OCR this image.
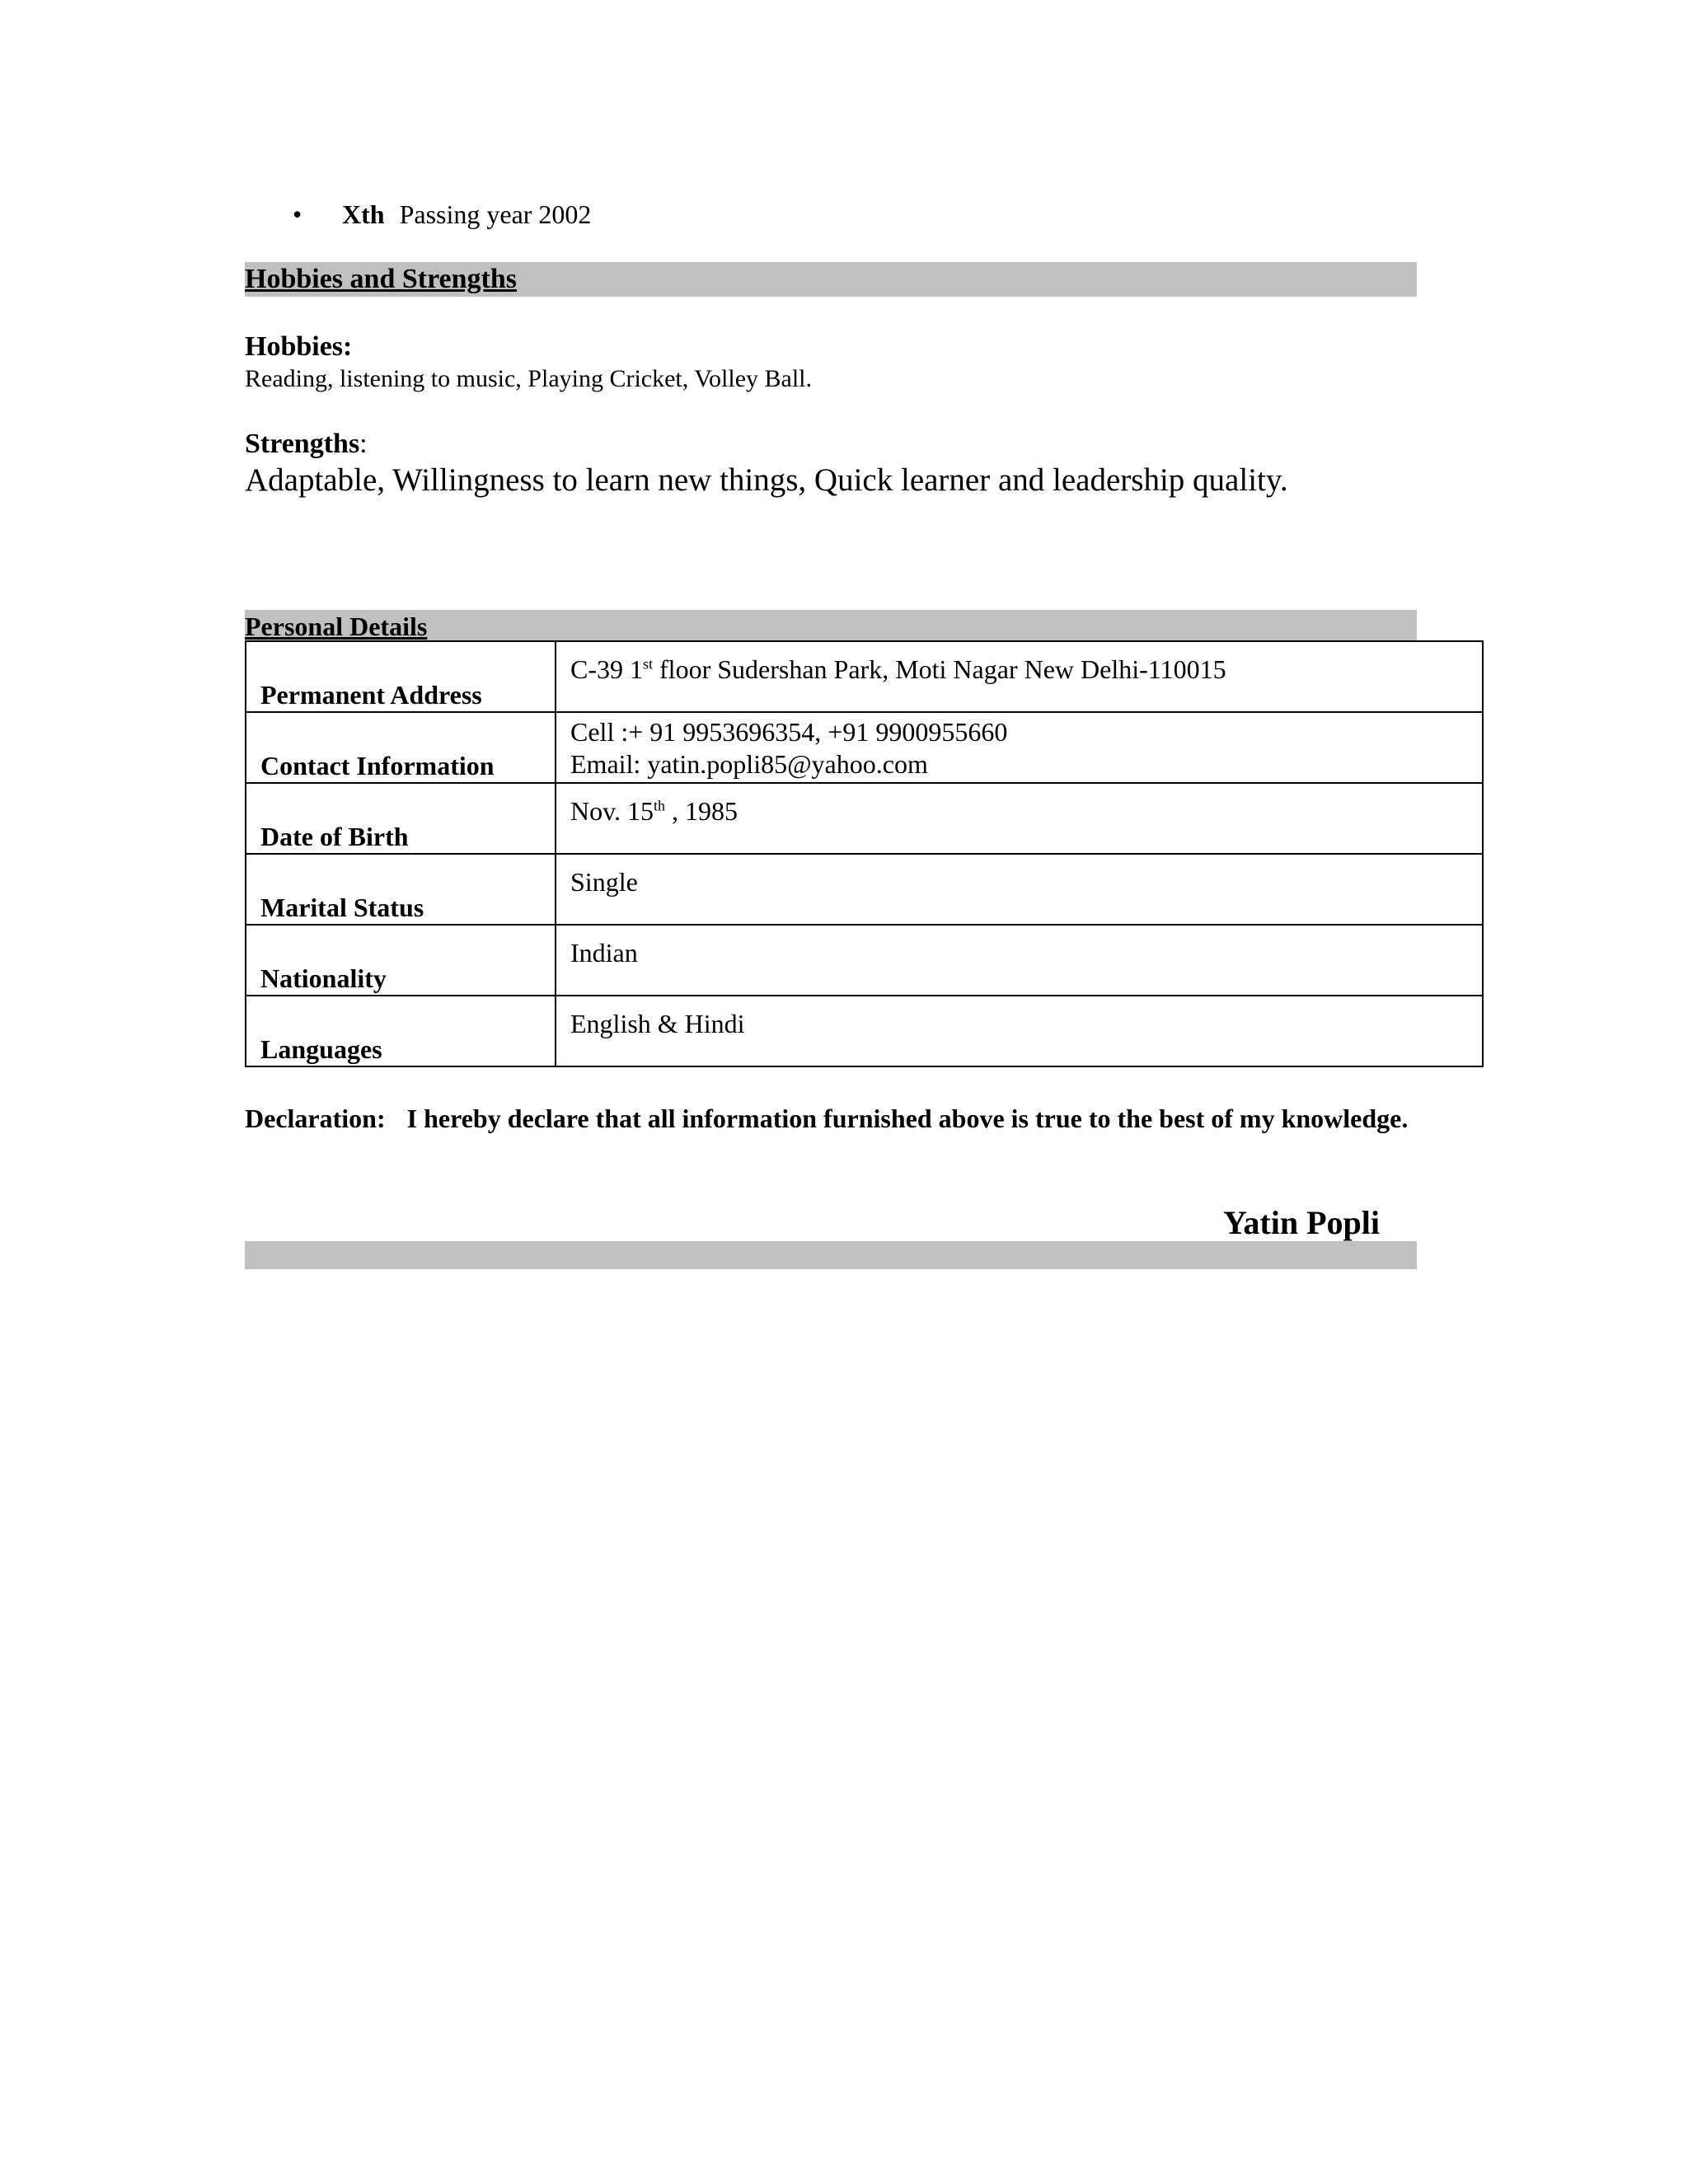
• Xth Passing year 2002
Hobbies and Strengths
Hobbies:
Reading, listening to music, Playing Cricket, Volley Ball.
Strengths:
Adaptable, Willingness to learn new things, Quick learner and leadership quality.
Personal Details
Permanent Address	C-39 1st floor Sudershan Park, Moti Nagar New Delhi-110015

Contact Information	Cell :+ 91 9953696354, +91 9900955660
Email: yatin.popli85@yahoo.com

Date of Birth	Nov. 15th , 1985

Marital Status	Single

Nationality	Indian

Languages	English & Hindi
Declaration: I hereby declare that all information furnished above is true to the best of my knowledge.
Yatin Popli
